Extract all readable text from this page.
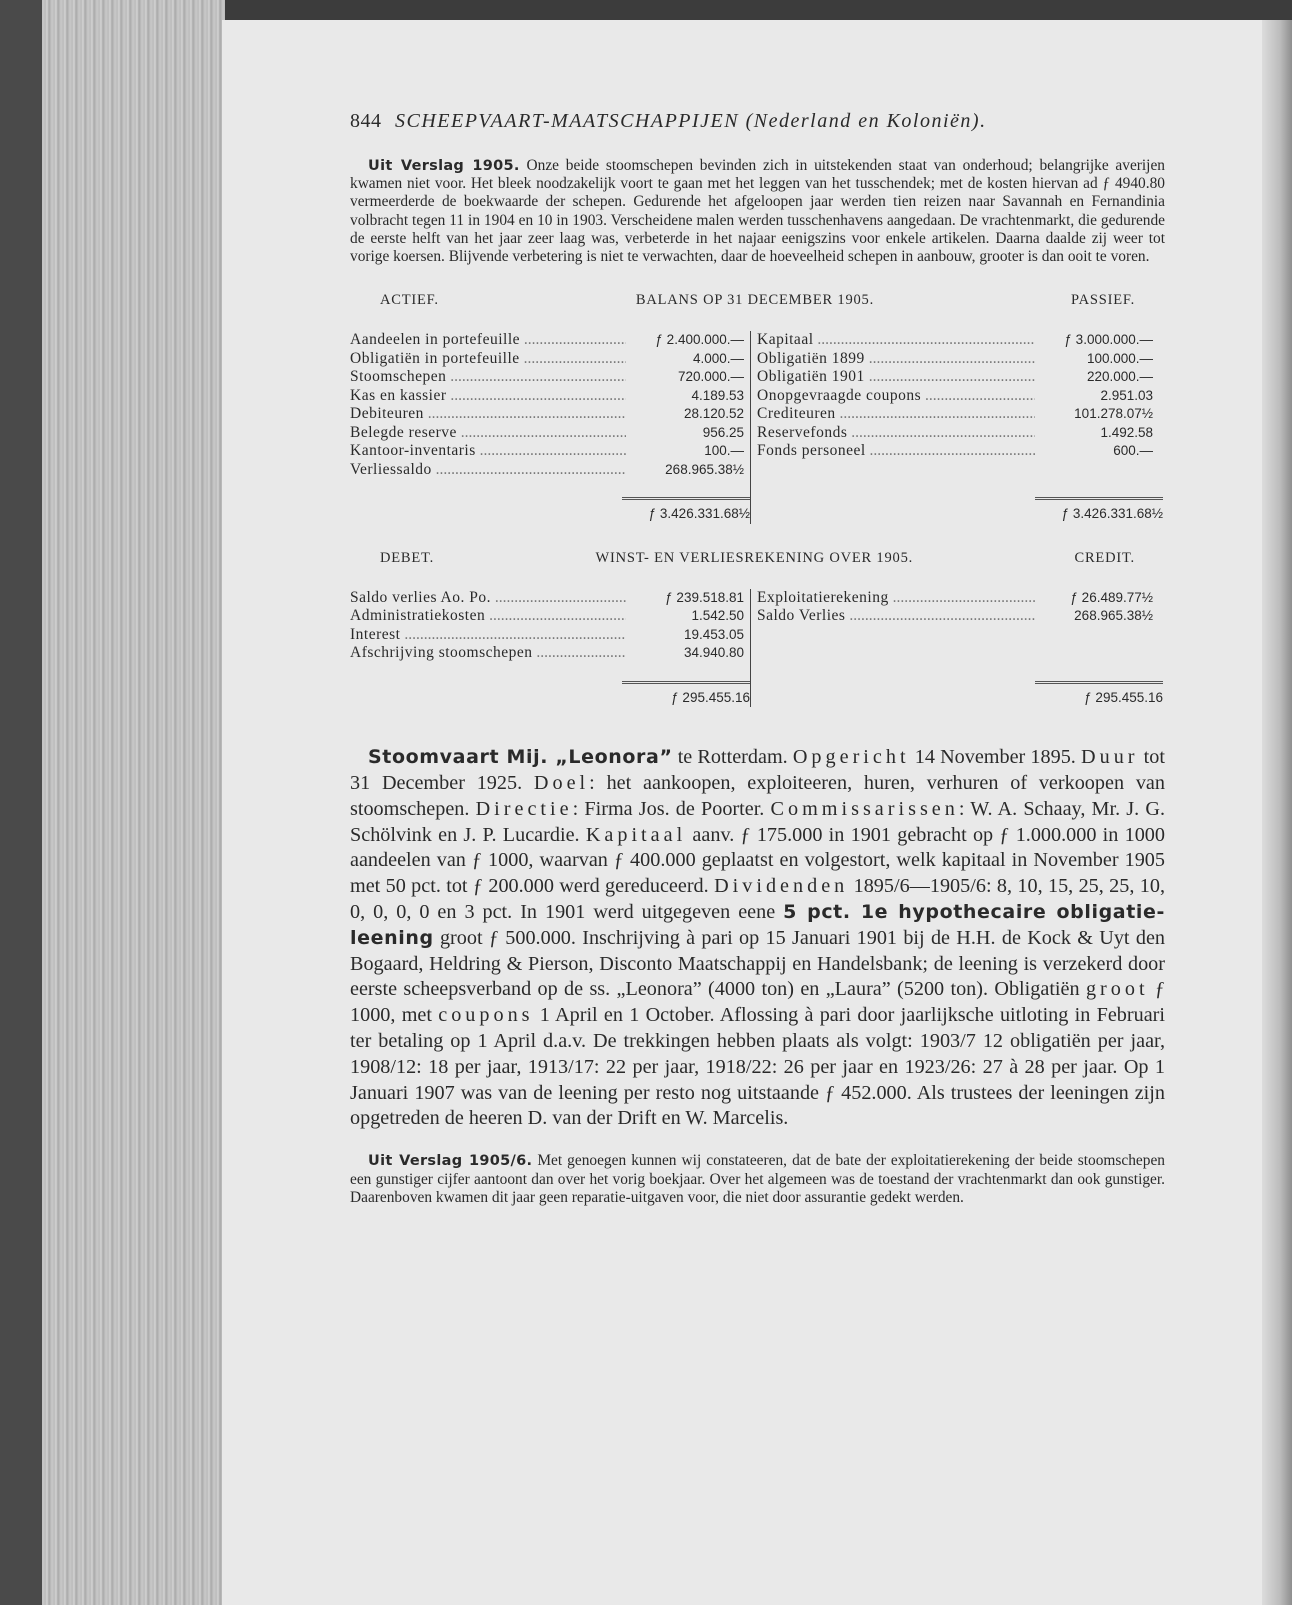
844 SCHEEPVAART-MAATSCHAPPIJEN (Nederland en Koloniën).

Uit Verslag 1905. Onze beide stoomschepen bevinden zich in uitstekenden staat van onderhoud; belangrijke averijen kwamen niet voor. Het bleek noodzakelijk voort te gaan met het leggen van het tusschendek; met de kosten hiervan ad ƒ 4940.80 vermeerderde de boekwaarde der schepen. Gedurende het afgeloopen jaar werden tien reizen naar Savannah en Fernandinia volbracht tegen 11 in 1904 en 10 in 1903. Verscheidene malen werden tusschenhavens aangedaan. De vrachtenmarkt, die gedurende de eerste helft van het jaar zeer laag was, verbeterde in het najaar eenigszins voor enkele artikelen. Daarna daalde zij weer tot vorige koersen. Blijvende verbetering is niet te verwachten, daar de hoeveelheid schepen in aanbouw, grooter is dan ooit te voren.

ACTIEF.	BALANS OP 31 DECEMBER 1905.	PASSIEF.
Aandeelen in portefeuille .....	ƒ 2.400.000.—
Obligatiën in portefeuille .....	4.000.—
Stoomschepen .....	720.000.—
Kas en kassier .....	4.189.53
Debiteuren .....	28.120.52
Belegde reserve .....	956.25
Kantoor-inventaris .....	100.—
Verliessaldo .....	268.965.38½
ƒ 3.426.331.68½
Kapitaal .....	ƒ 3.000.000.—
Obligatiën 1899 .....	100.000.—
Obligatiën 1901 .....	220.000.—
Onopgevraagde coupons .....	2.951.03
Crediteuren .....	101.278.07½
Reservefonds .....	1.492.58
Fonds personeel .....	600.—
ƒ 3.426.331.68½
DEBET.	WINST- EN VERLIESREKENING OVER 1905.	CREDIT.
Saldo verlies Ao. Po. .....	ƒ 239.518.81
Administratiekosten .....	1.542.50
Interest .....	19.453.05
Afschrijving stoomschepen .....	34.940.80
ƒ 295.455.16
Exploitatierekening .....	ƒ 26.489.77½
Saldo Verlies .....	268.965.38½
ƒ 295.455.16

Stoomvaart Mij. „Leonora” te Rotterdam. Opgericht 14 November 1895. Duur tot 31 December 1925. Doel: het aankoopen, exploiteeren, huren, verhuren of verkoopen van stoomschepen. Directie: Firma Jos. de Poorter. Commissarissen: W. A. Schaay, Mr. J. G. Schölvink en J. P. Lucardie. Kapitaal aanv. ƒ 175.000 in 1901 gebracht op ƒ 1.000.000 in 1000 aandeelen van ƒ 1000, waarvan ƒ 400.000 geplaatst en volgestort, welk kapitaal in November 1905 met 50 pct. tot ƒ 200.000 werd gereduceerd. Dividenden 1895/6—1905/6: 8, 10, 15, 25, 25, 10, 0, 0, 0, 0 en 3 pct. In 1901 werd uitgegeven eene 5 pct. 1e hypothecaire obligatie-leening groot ƒ 500.000. Inschrijving à pari op 15 Januari 1901 bij de H.H. de Kock & Uyt den Bogaard, Heldring & Pierson, Disconto Maatschappij en Handelsbank; de leening is verzekerd door eerste scheepsverband op de ss. „Leonora” (4000 ton) en „Laura” (5200 ton). Obligatiën groot ƒ 1000, met coupons 1 April en 1 October. Aflossing à pari door jaarlijksche uitloting in Februari ter betaling op 1 April d.a.v. De trekkingen hebben plaats als volgt: 1903/7 12 obligatiën per jaar, 1908/12: 18 per jaar, 1913/17: 22 per jaar, 1918/22: 26 per jaar en 1923/26: 27 à 28 per jaar. Op 1 Januari 1907 was van de leening per resto nog uitstaande ƒ 452.000. Als trustees der leeningen zijn opgetreden de heeren D. van der Drift en W. Marcelis.

Uit Verslag 1905/6. Met genoegen kunnen wij constateeren, dat de bate der exploitatierekening der beide stoomschepen een gunstiger cijfer aantoont dan over het vorig boekjaar. Over het algemeen was de toestand der vrachtenmarkt dan ook gunstiger. Daarenboven kwamen dit jaar geen reparatie-uitgaven voor, die niet door assurantie gedekt werden.
